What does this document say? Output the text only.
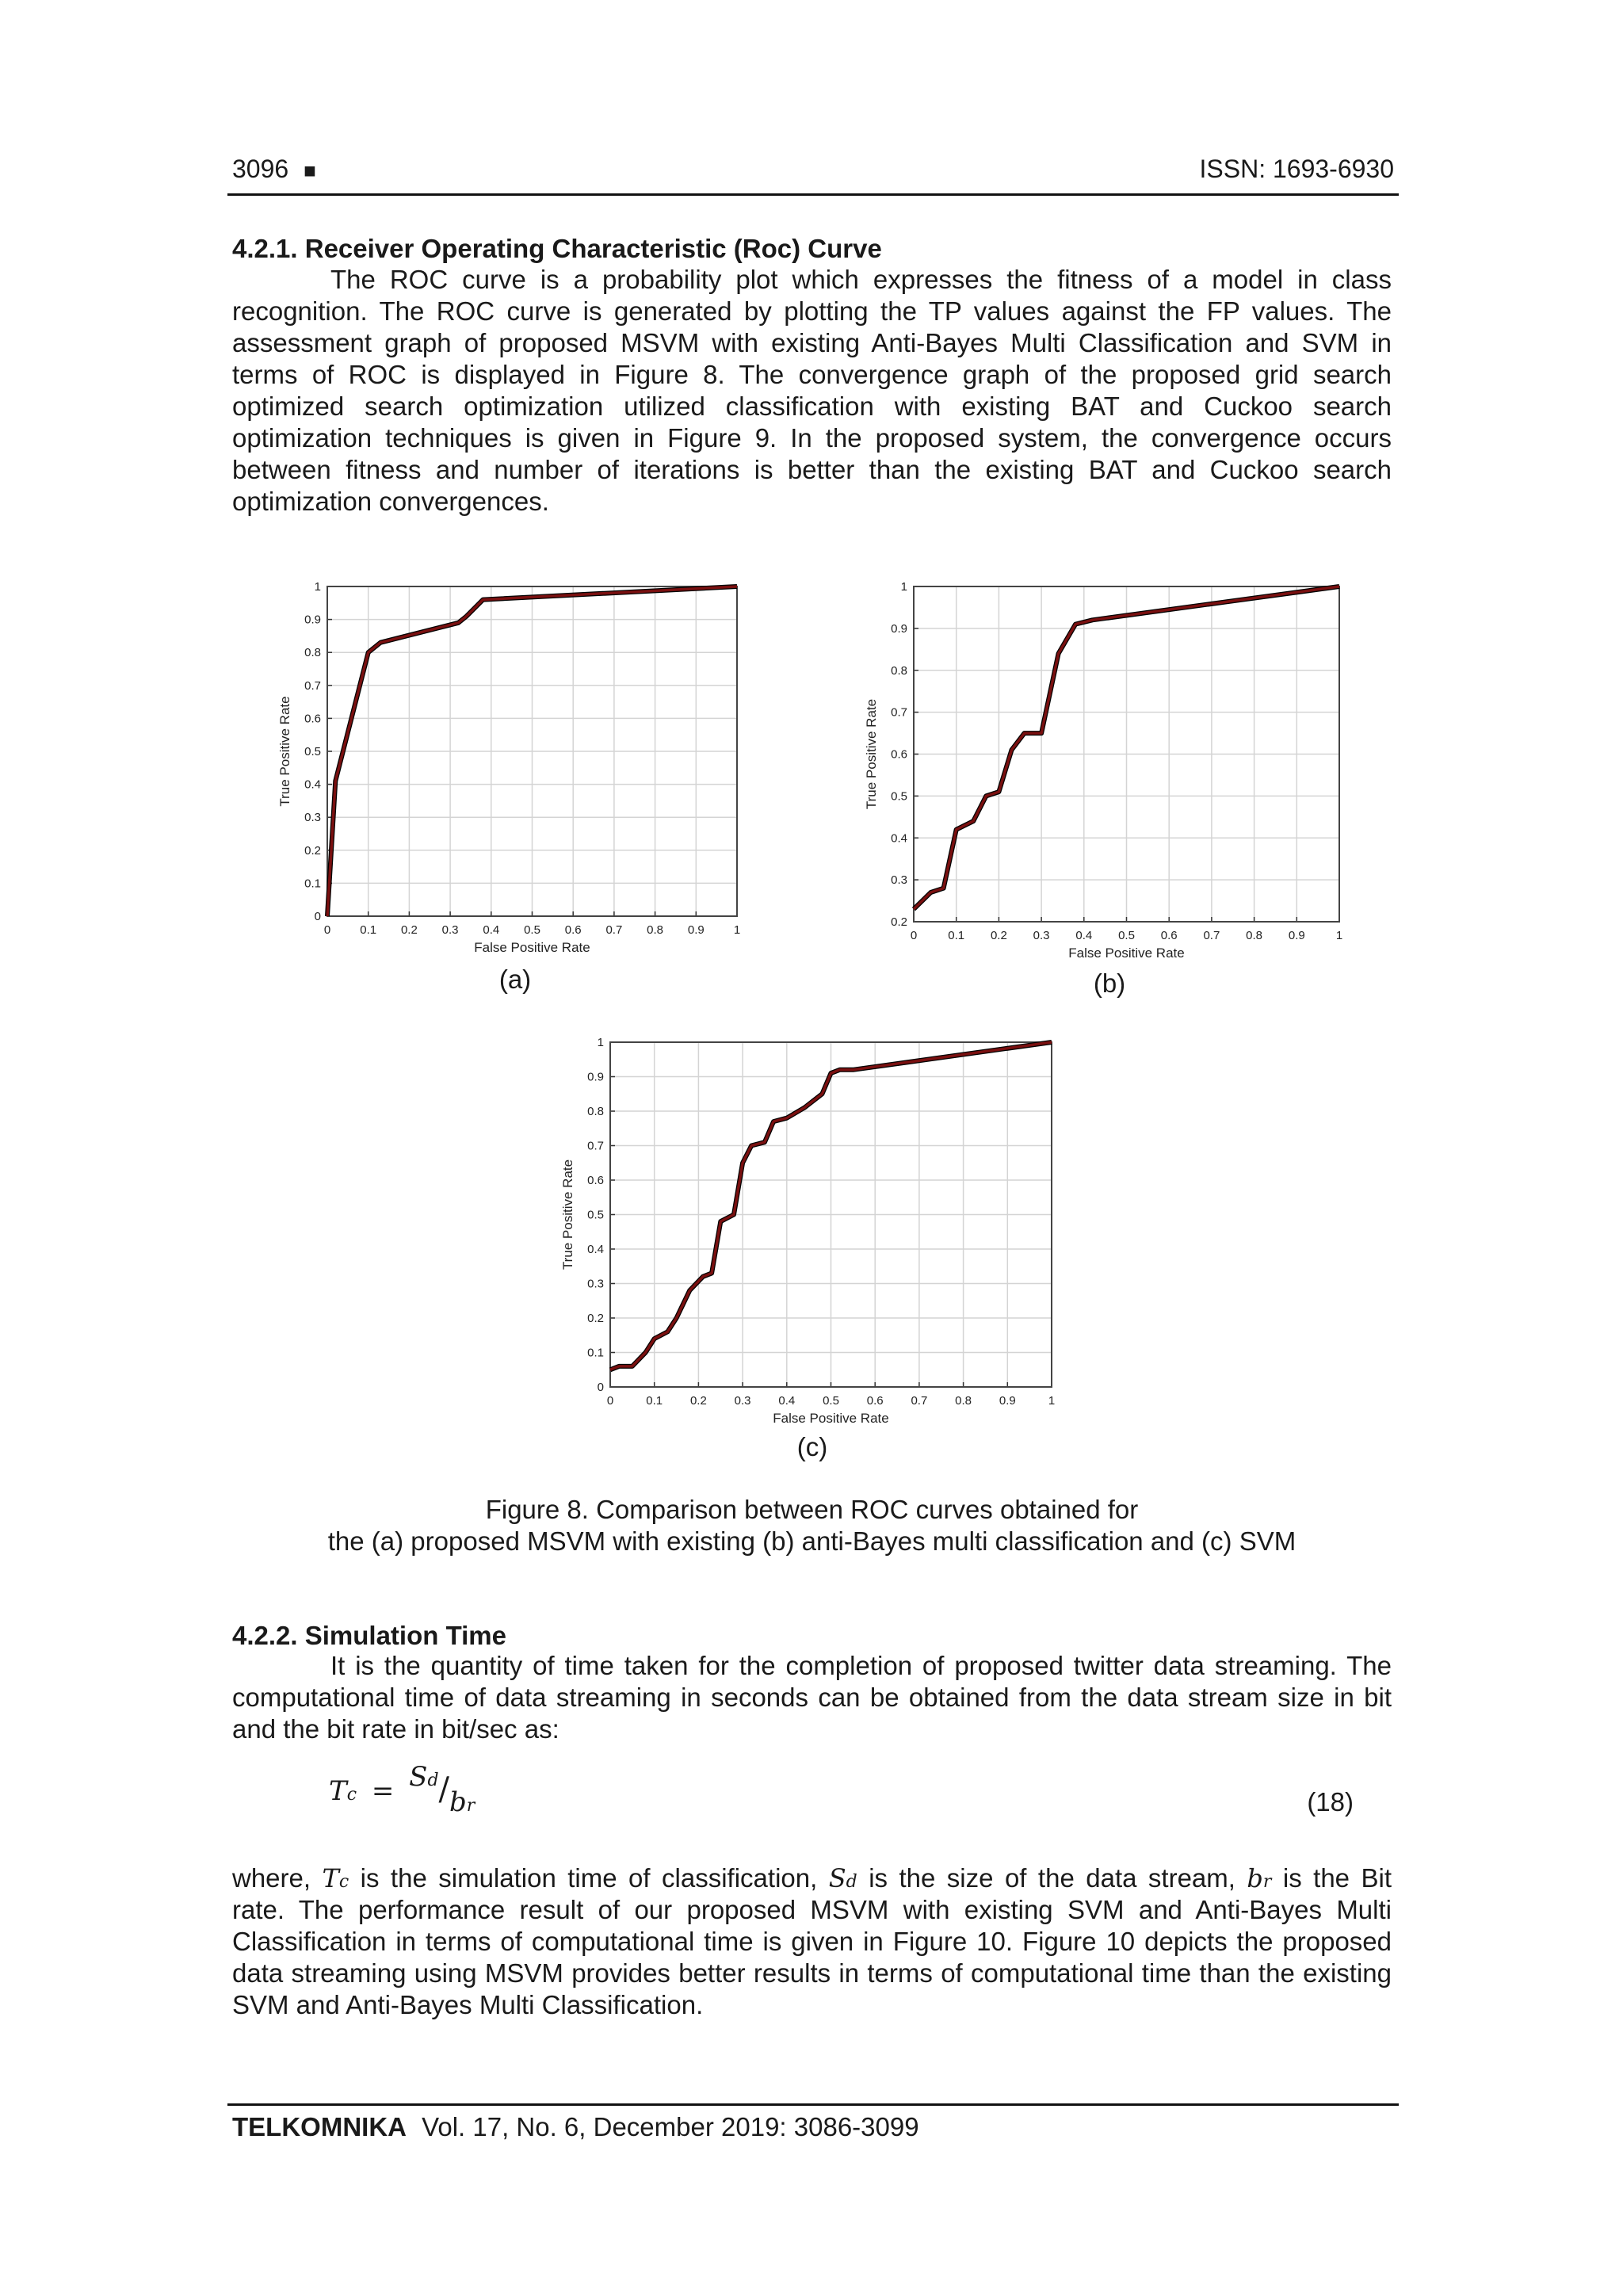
3096 ■	ISSN: 1693-6930
4.2.1. Receiver Operating Characteristic (Roc) Curve
The ROC curve is a probability plot which expresses the fitness of a model in class recognition. The ROC curve is generated by plotting the TP values against the FP values. The assessment graph of proposed MSVM with existing Anti-Bayes Multi Classification and SVM in terms of ROC is displayed in Figure 8. The convergence graph of the proposed grid search optimized search optimization utilized classification with existing BAT and Cuckoo search optimization techniques is given in Figure 9. In the proposed system, the convergence occurs between fitness and number of iterations is better than the existing BAT and Cuckoo search optimization convergences.
0 0.1 0.2 0.3 0.4 0.5 0.6 0.7 0.8 0.9 1
0
0.1
0.2
0.3
0.4
0.5
0.6
0.7
0.8
0.9
1
False Positive Rate
True Positive Rate
0	0.1 0.2 0.3 0.4 0.5 0.6 0.7 0.8 0.9	1
0.2
0.3
0.4
0.5
0.6
0.7
0.8
0.9
1
False Positive Rate
True Positive Rate
0	0.1 0.2 0.3 0.4 0.5 0.6 0.7 0.8 0.9	1
0
0.1
0.2
0.3
0.4
0.5
0.6
0.7
0.8
0.9
1
False Positive Rate
True Positive Rate
(a)	(b)
(c)
Figure 8. Comparison between ROC curves obtained for
the (a) proposed MSVM with existing (b) anti-Bayes multi classification and (c) SVM
4.2.2. Simulation Time
It is the quantity of time taken for the completion of proposed twitter data streaming. The computational time of data streaming in seconds can be obtained from the data stream size in bit and the bit rate in bit/sec as:
Tc = Sd/br	(18)
where, Tc is the simulation time of classification, Sd is the size of the data stream, br is the Bit
rate. The performance result of our proposed MSVM with existing SVM and Anti-Bayes Multi Classification in terms of computational time is given in Figure 10. Figure 10 depicts the proposed data streaming using MSVM provides better results in terms of computational time than the existing SVM and Anti-Bayes Multi Classification.
TELKOMNIKA Vol. 17, No. 6, December 2019: 3086-3099
